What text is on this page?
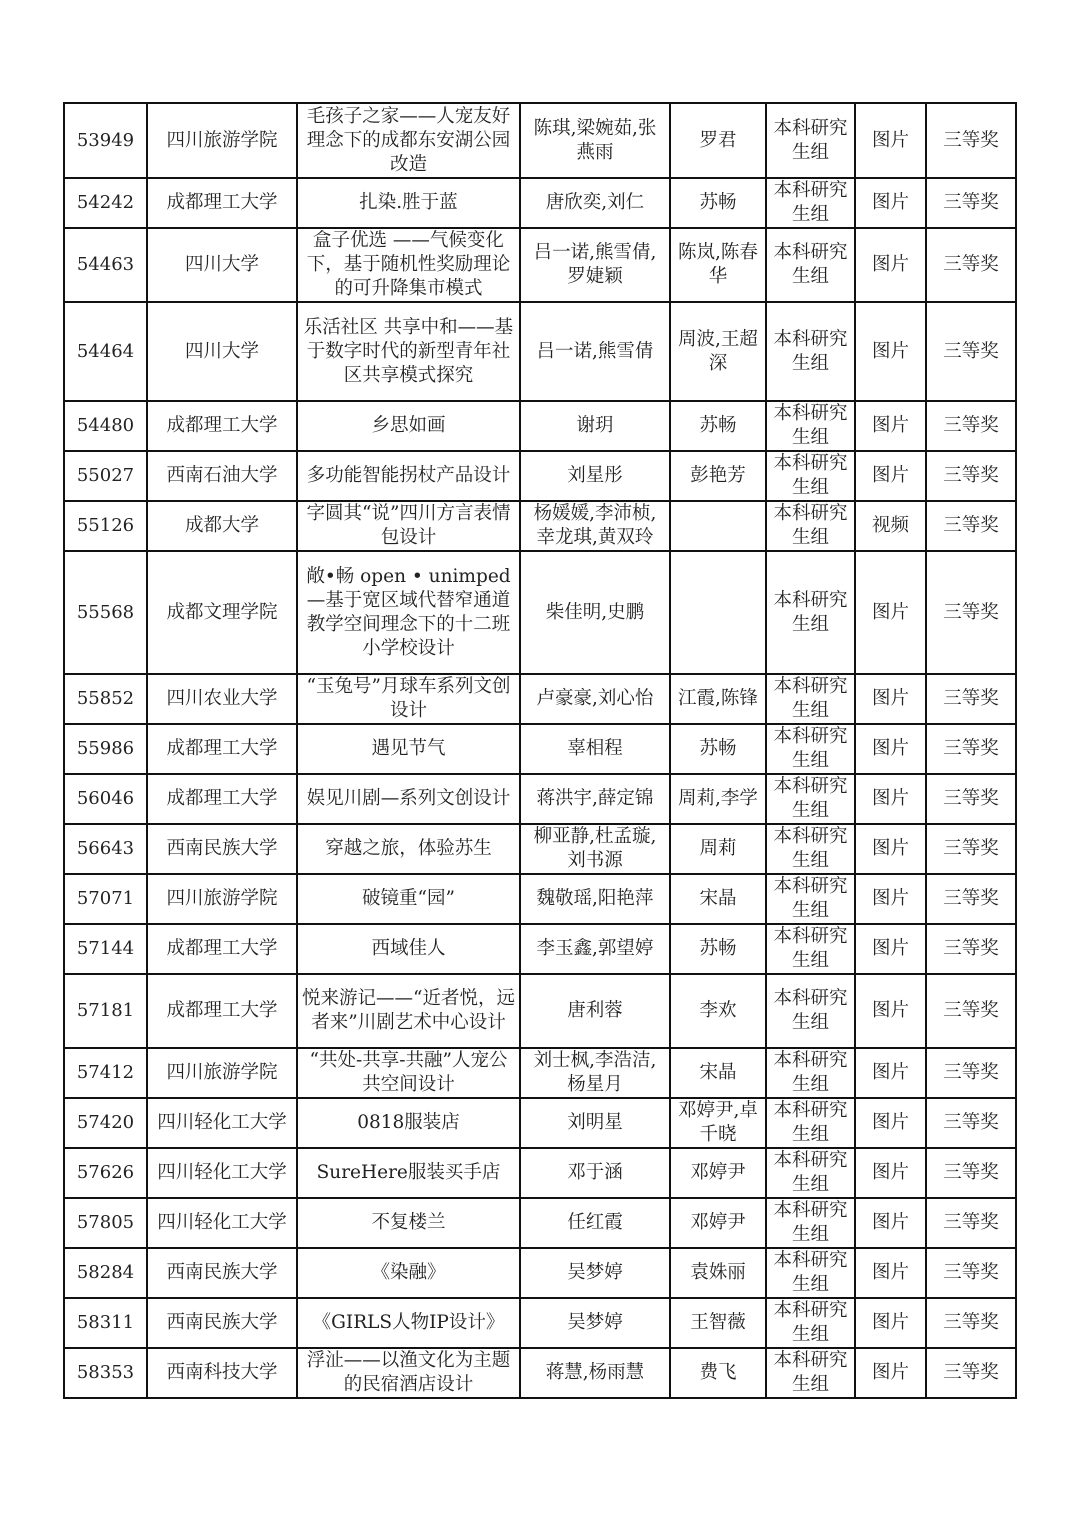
53949	四川旅游学院	毛孩子之家——人宠友好理念下的成都东安湖公园改造	陈琪,梁婉茹,张燕雨	罗君	本科研究生组	图片	三等奖
54242	成都理工大学	扎染.胜于蓝	唐欣奕,刘仁	苏畅	本科研究生组	图片	三等奖
54463	四川大学	盒子优选 ——气候变化下，基于随机性奖励理论的可升降集市模式	吕一诺,熊雪倩,罗婕颖	陈岚,陈春华	本科研究生组	图片	三等奖
54464	四川大学	乐活社区 共享中和——基于数字时代的新型青年社区共享模式探究	吕一诺,熊雪倩	周波,王超深	本科研究生组	图片	三等奖
54480	成都理工大学	乡思如画	谢玥	苏畅	本科研究生组	图片	三等奖
55027	西南石油大学	多功能智能拐杖产品设计	刘星彤	彭艳芳	本科研究生组	图片	三等奖
55126	成都大学	字圆其“说”四川方言表情包设计	杨媛媛,李沛桢,幸龙琪,黄双玲		本科研究生组	视频	三等奖
55568	成都文理学院	敞•畅 open • unimped —基于宽区域代替窄通道教学空间理念下的十二班小学校设计	柴佳明,史鹏		本科研究生组	图片	三等奖
55852	四川农业大学	“玉兔号”月球车系列文创设计	卢豪豪,刘心怡	江霞,陈锋	本科研究生组	图片	三等奖
55986	成都理工大学	遇见节气	辜相程	苏畅	本科研究生组	图片	三等奖
56046	成都理工大学	娱见川剧—系列文创设计	蒋洪宇,薛定锦	周莉,李学	本科研究生组	图片	三等奖
56643	西南民族大学	穿越之旅，体验苏生	柳亚静,杜孟璇,刘书源	周莉	本科研究生组	图片	三等奖
57071	四川旅游学院	破镜重“园”	魏敬瑶,阳艳萍	宋晶	本科研究生组	图片	三等奖
57144	成都理工大学	西域佳人	李玉鑫,郭望婷	苏畅	本科研究生组	图片	三等奖
57181	成都理工大学	悦来游记——“近者悦，远者来”川剧艺术中心设计	唐利蓉	李欢	本科研究生组	图片	三等奖
57412	四川旅游学院	“共处-共享-共融”人宠公共空间设计	刘士枫,李浩洁,杨星月	宋晶	本科研究生组	图片	三等奖
57420	四川轻化工大学	0818服装店	刘明星	邓婷尹,卓千晓	本科研究生组	图片	三等奖
57626	四川轻化工大学	SureHere服装买手店	邓于涵	邓婷尹	本科研究生组	图片	三等奖
57805	四川轻化工大学	不复楼兰	任红霞	邓婷尹	本科研究生组	图片	三等奖
58284	西南民族大学	《染融》	吴梦婷	袁姝丽	本科研究生组	图片	三等奖
58311	西南民族大学	《GIRLS人物IP设计》	吴梦婷	王智薇	本科研究生组	图片	三等奖
58353	西南科技大学	浮沚——以渔文化为主题的民宿酒店设计	蒋慧,杨雨慧	费飞	本科研究生组	图片	三等奖
